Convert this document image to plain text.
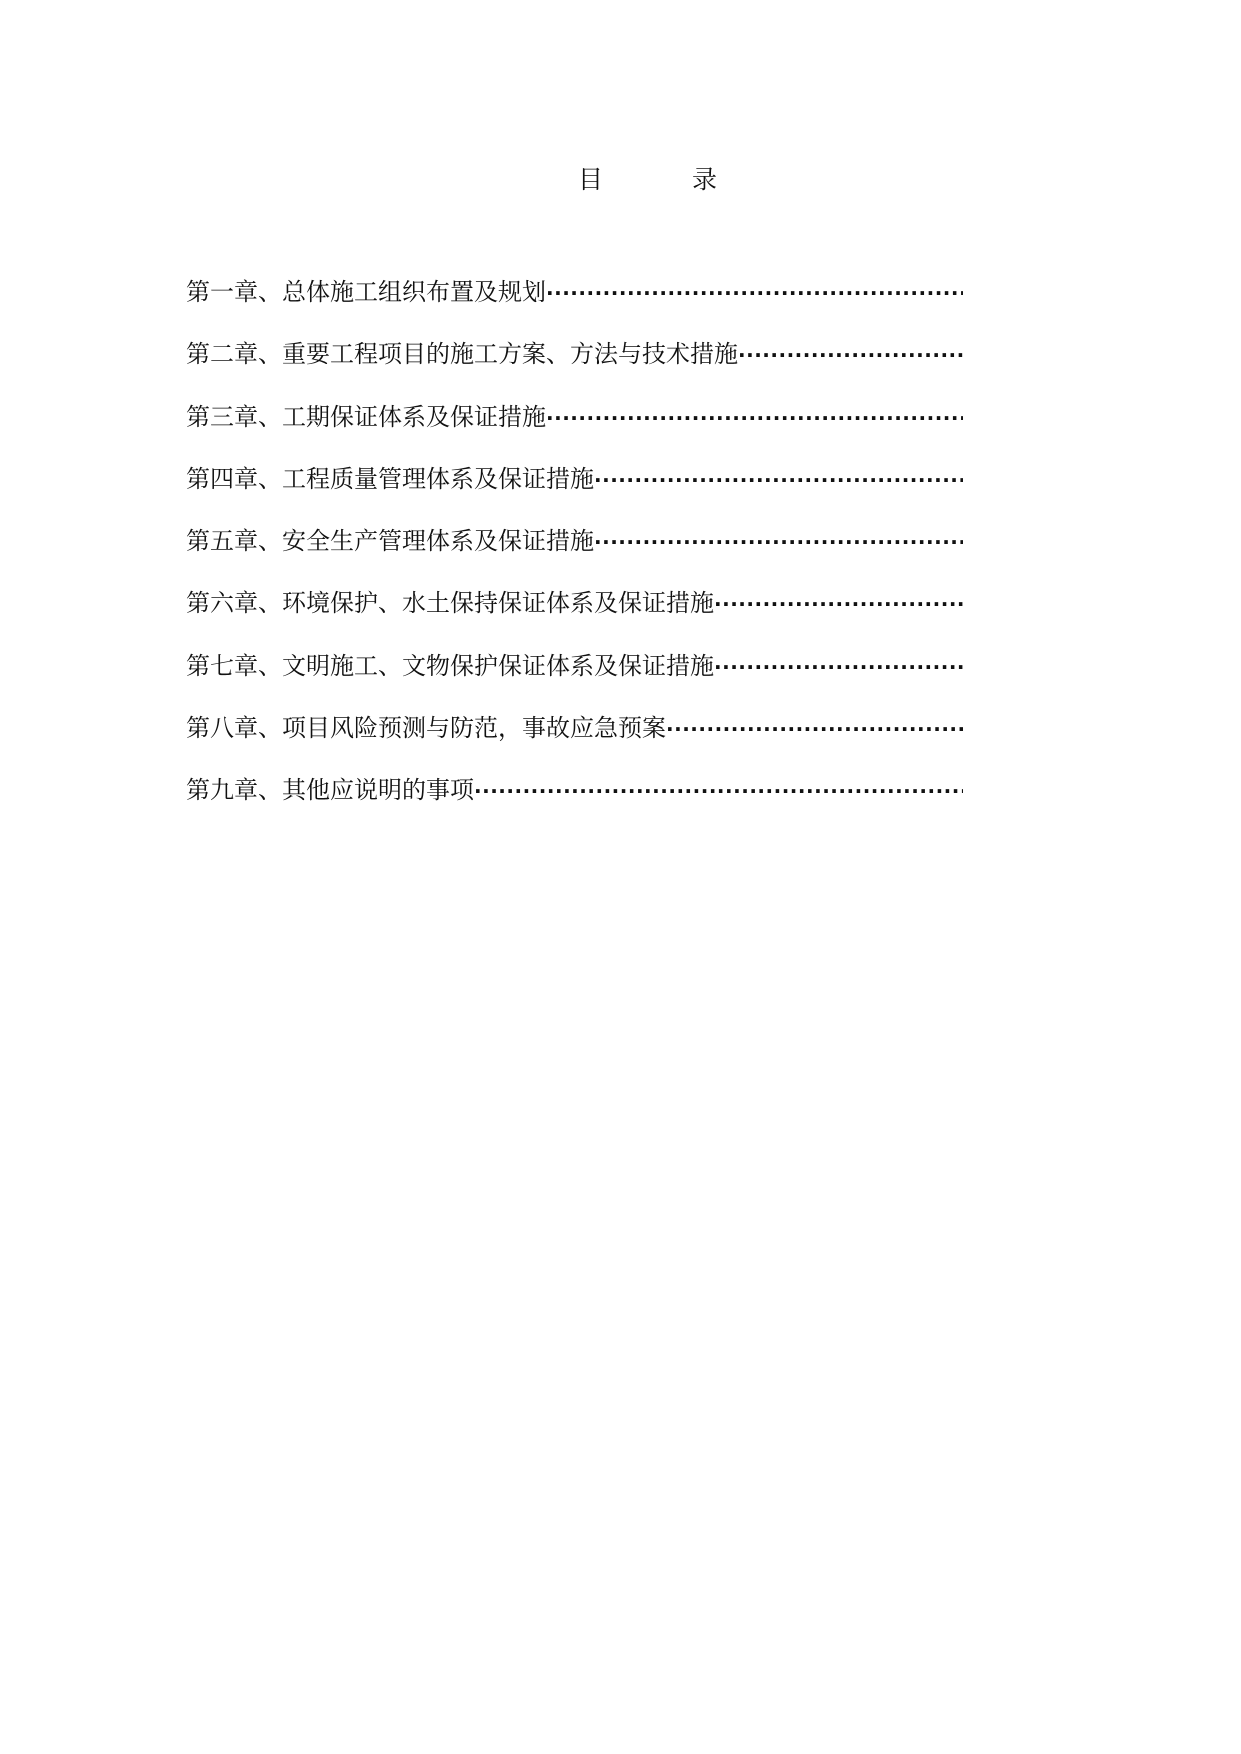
目	录
第一章、总体施工组织布置及规划
·····
第二章、重要工程项目的施工方案、方法与技术措施
·····
第三章、工期保证体系及保证措施
·····
第四章、工程质量管理体系及保证措施
·····
第五章、安全生产管理体系及保证措施
·····
第六章、环境保护、水土保持保证体系及保证措施
·····
第七章、文明施工、文物保护保证体系及保证措施
·····
第八章、项目风险预测与防范，事故应急预案
·····
第九章、其他应说明的事项
·····
